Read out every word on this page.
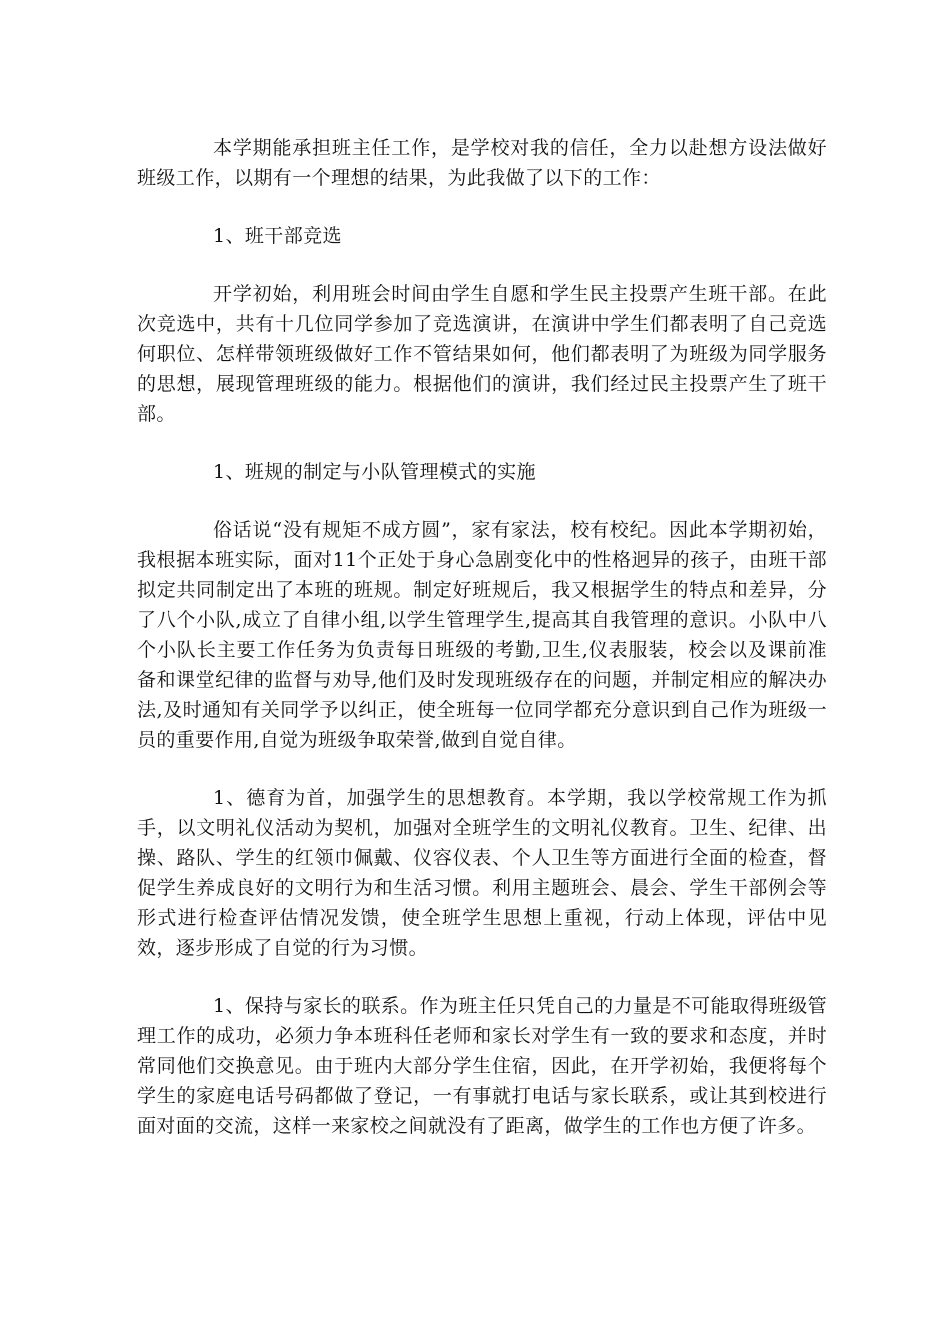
本学期能承担班主任工作，是学校对我的信任，全力以赴想方设法做好班级工作，以期有一个理想的结果，为此我做了以下的工作：

1、班干部竞选

开学初始，利用班会时间由学生自愿和学生民主投票产生班干部。在此次竞选中，共有十几位同学参加了竞选演讲，在演讲中学生们都表明了自己竞选何职位、怎样带领班级做好工作不管结果如何，他们都表明了为班级为同学服务的思想，展现管理班级的能力。根据他们的演讲，我们经过民主投票产生了班干部。

1、班规的制定与小队管理模式的实施

俗话说“没有规矩不成方圆”，家有家法，校有校纪。因此本学期初始，我根据本班实际，面对11个正处于身心急剧变化中的性格迥异的孩子，由班干部拟定共同制定出了本班的班规。制定好班规后，我又根据学生的特点和差异，分了八个小队,成立了自律小组,以学生管理学生,提高其自我管理的意识。小队中八个小队长主要工作任务为负责每日班级的考勤,卫生,仪表服装，校会以及课前准备和课堂纪律的监督与劝导,他们及时发现班级存在的问题，并制定相应的解决办法,及时通知有关同学予以纠正，使全班每一位同学都充分意识到自己作为班级一员的重要作用,自觉为班级争取荣誉,做到自觉自律。

1、德育为首，加强学生的思想教育。本学期，我以学校常规工作为抓手，以文明礼仪活动为契机，加强对全班学生的文明礼仪教育。卫生、纪律、出操、路队、学生的红领巾佩戴、仪容仪表、个人卫生等方面进行全面的检查，督促学生养成良好的文明行为和生活习惯。利用主题班会、晨会、学生干部例会等形式进行检查评估情况发馈，使全班学生思想上重视，行动上体现，评估中见效，逐步形成了自觉的行为习惯。

1、保持与家长的联系。作为班主任只凭自己的力量是不可能取得班级管理工作的成功，必须力争本班科任老师和家长对学生有一致的要求和态度，并时常同他们交换意见。由于班内大部分学生住宿，因此，在开学初始，我便将每个学生的家庭电话号码都做了登记，一有事就打电话与家长联系，或让其到校进行面对面的交流，这样一来家校之间就没有了距离，做学生的工作也方便了许多。
